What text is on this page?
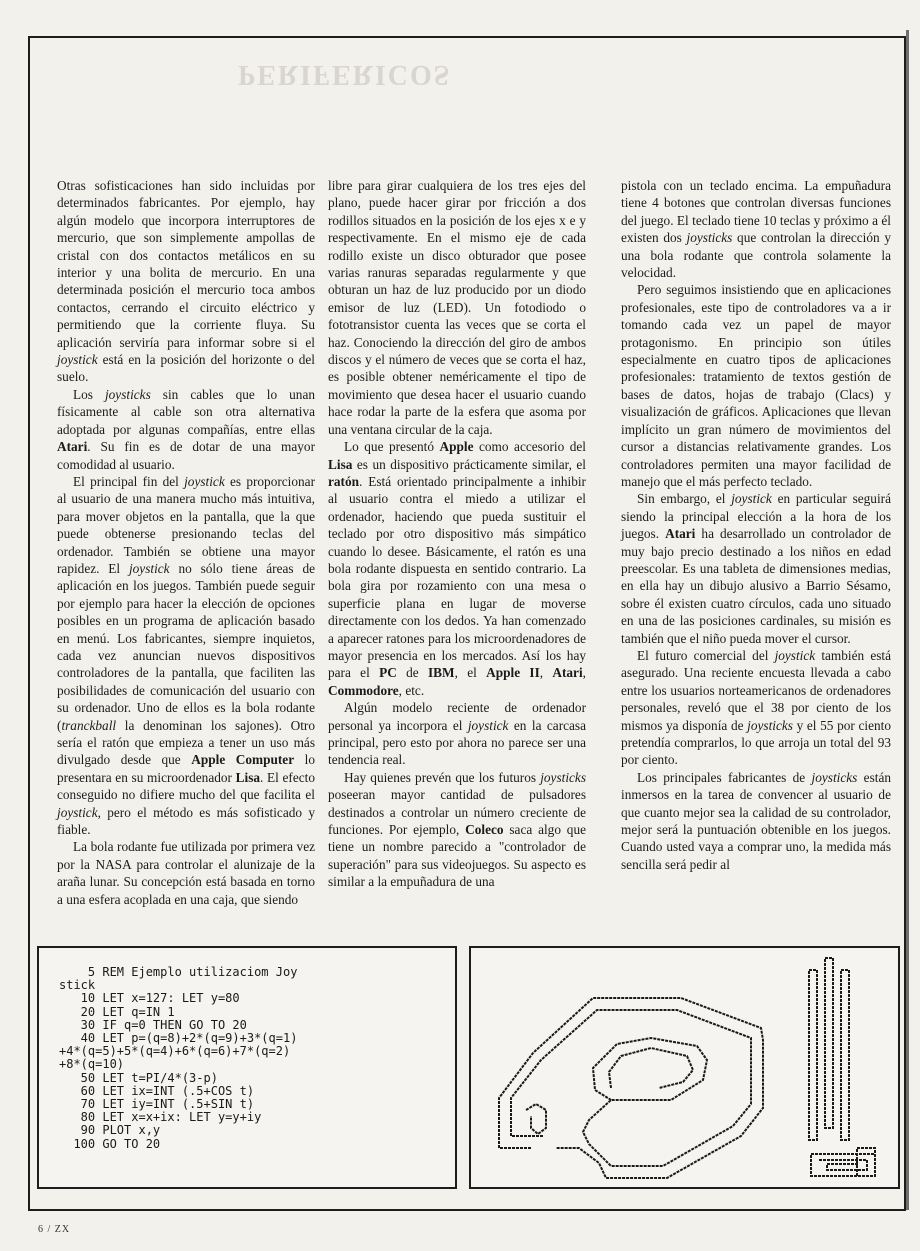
PERIFERICOS

Otras sofisticaciones han sido incluidas por determinados fabricantes. Por ejemplo, hay algún modelo que incorpora interruptores de mercurio, que son simplemente ampollas de cristal con dos contactos metálicos en su interior y una bolita de mercurio. En una determinada posición el mercurio toca ambos contactos, cerrando el circuito eléctrico y permitiendo que la corriente fluya. Su aplicación serviría para informar sobre si el joystick está en la posición del horizonte o del suelo.

Los joysticks sin cables que lo unan físicamente al cable son otra alternativa adoptada por algunas compañías, entre ellas Atari. Su fin es de dotar de una mayor comodidad al usuario.

El principal fin del joystick es proporcionar al usuario de una manera mucho más intuitiva, para mover objetos en la pantalla, que la que puede obtenerse presionando teclas del ordenador. También se obtiene una mayor rapidez. El joystick no sólo tiene áreas de aplicación en los juegos. También puede seguir por ejemplo para hacer la elección de opciones posibles en un programa de aplicación basado en menú. Los fabricantes, siempre inquietos, cada vez anuncian nuevos dispositivos controladores de la pantalla, que faciliten las posibilidades de comunicación del usuario con su ordenador. Uno de ellos es la bola rodante (tranckball la denominan los sajones). Otro sería el ratón que empieza a tener un uso más divulgado desde que Apple Computer lo presentara en su microordenador Lisa. El efecto conseguido no difiere mucho del que facilita el joystick, pero el método es más sofisticado y fiable.

La bola rodante fue utilizada por primera vez por la NASA para controlar el alunizaje de la araña lunar. Su concepción está basada en torno a una esfera acoplada en una caja, que siendo

libre para girar cualquiera de los tres ejes del plano, puede hacer girar por fricción a dos rodillos situados en la posición de los ejes x e y respectivamente. En el mismo eje de cada rodillo existe un disco obturador que posee varias ranuras separadas regularmente y que obturan un haz de luz producido por un diodo emisor de luz (LED). Un fotodiodo o fototransistor cuenta las veces que se corta el haz. Conociendo la dirección del giro de ambos discos y el número de veces que se corta el haz, es posible obtener neméricamente el tipo de movimiento que desea hacer el usuario cuando hace rodar la parte de la esfera que asoma por una ventana circular de la caja.

Lo que presentó Apple como accesorio del Lisa es un dispositivo prácticamente similar, el ratón. Está orientado principalmente a inhibir al usuario contra el miedo a utilizar el ordenador, haciendo que pueda sustituir el teclado por otro dispositivo más simpático cuando lo desee. Básicamente, el ratón es una bola rodante dispuesta en sentido contrario. La bola gira por rozamiento con una mesa o superficie plana en lugar de moverse directamente con los dedos. Ya han comenzado a aparecer ratones para los microordenadores de mayor presencia en los mercados. Así los hay para el PC de IBM, el Apple II, Atari, Commodore, etc.

Algún modelo reciente de ordenador personal ya incorpora el joystick en la carcasa principal, pero esto por ahora no parece ser una tendencia real.

Hay quienes prevén que los futuros joysticks poseeran mayor cantidad de pulsadores destinados a controlar un número creciente de funciones. Por ejemplo, Coleco saca algo que tiene un nombre parecido a "controlador de superación" para sus videojuegos. Su aspecto es similar a la empuñadura de una

pistola con un teclado encima. La empuñadura tiene 4 botones que controlan diversas funciones del juego. El teclado tiene 10 teclas y próximo a él existen dos joysticks que controlan la dirección y una bola rodante que controla solamente la velocidad.

Pero seguimos insistiendo que en aplicaciones profesionales, este tipo de controladores va a ir tomando cada vez un papel de mayor protagonismo. En principio son útiles especialmente en cuatro tipos de aplicaciones profesionales: tratamiento de textos gestión de bases de datos, hojas de trabajo (Clacs) y visualización de gráficos. Aplicaciones que llevan implícito un gran número de movimientos del cursor a distancias relativamente grandes. Los controladores permiten una mayor facilidad de manejo que el más perfecto teclado.

Sin embargo, el joystick en particular seguirá siendo la principal elección a la hora de los juegos. Atari ha desarrollado un controlador de muy bajo precio destinado a los niños en edad preescolar. Es una tableta de dimensiones medias, en ella hay un dibujo alusivo a Barrio Sésamo, sobre él existen cuatro círculos, cada uno situado en una de las posiciones cardinales, su misión es también que el niño pueda mover el cursor.

El futuro comercial del joystick también está asegurado. Una reciente encuesta llevada a cabo entre los usuarios norteamericanos de ordenadores personales, reveló que el 38 por ciento de los mismos ya disponía de joysticks y el 55 por ciento pretendía comprarlos, lo que arroja un total del 93 por ciento.

Los principales fabricantes de joysticks están inmersos en la tarea de convencer al usuario de que cuanto mejor sea la calidad de su controlador, mejor será la puntuación obtenible en los juegos. Cuando usted vaya a comprar uno, la medida más sencilla será pedir al

5 REM Ejemplo utilizaciom Joy
stick
10 LET x=127: LET y=80
20 LET q=IN 1
30 IF q=0 THEN GO TO 20
40 LET p=(q=8)+2*(q=9)+3*(q=1)
+4*(q=5)+5*(q=4)+6*(q=6)+7*(q=2)
+8*(q=10)
50 LET t=PI/4*(3-p)
60 LET ix=INT (.5+COS t)
70 LET iy=INT (.5+SIN t)
80 LET x=x+ix: LET y=y+iy
90 PLOT x,y
100 GO TO 20
6 / ZX
